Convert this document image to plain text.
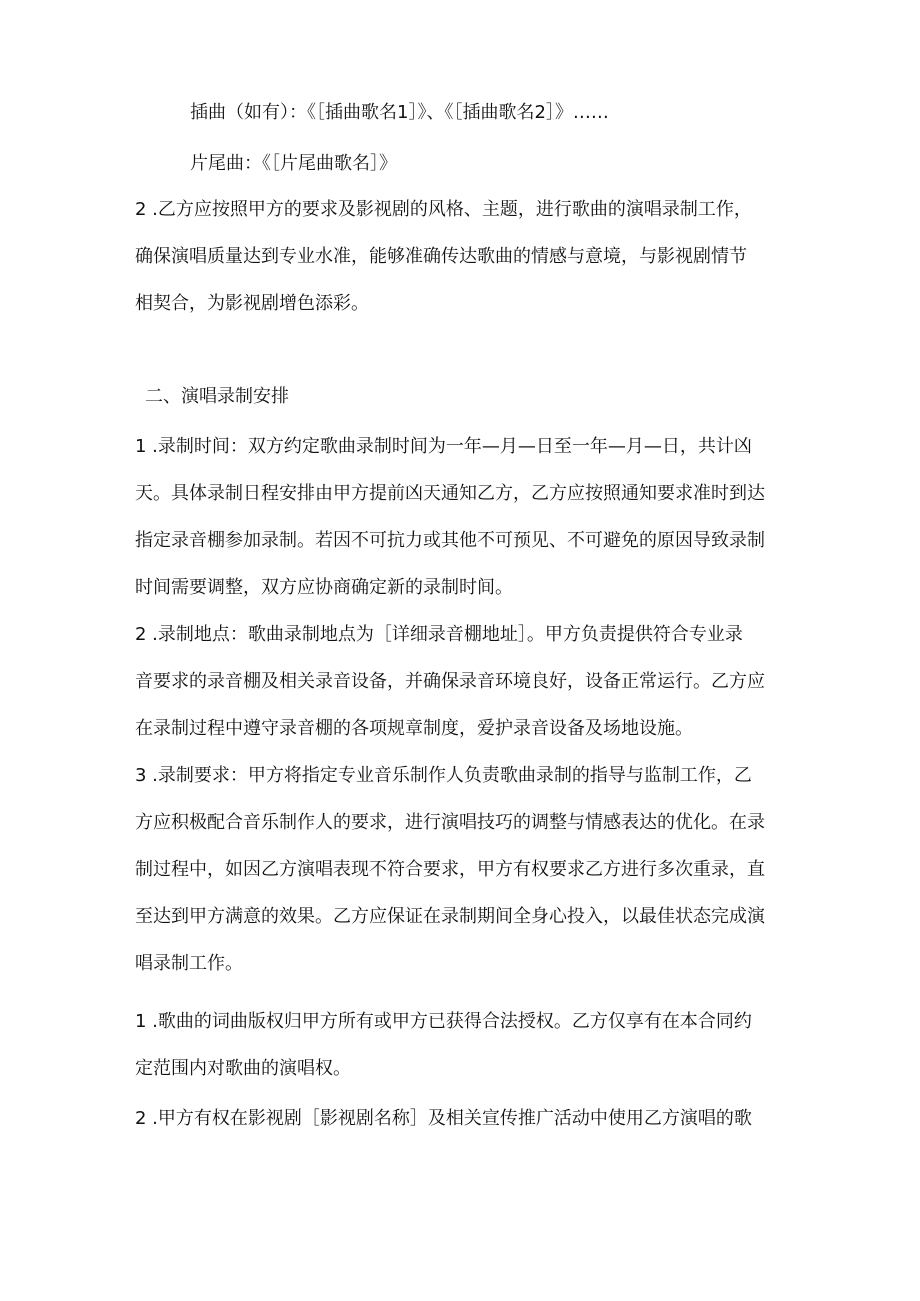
插曲（如有）：《［插曲歌名1］》、《［插曲歌名2］》……
片尾曲：《［片尾曲歌名］》
2 .乙方应按照甲方的要求及影视剧的风格、主题，进行歌曲的演唱录制工作，
确保演唱质量达到专业水准，能够准确传达歌曲的情感与意境，与影视剧情节
相契合，为影视剧增色添彩。
二、演唱录制安排
1 .录制时间：双方约定歌曲录制时间为一年—月—日至一年—月—日，共计凶
天。具体录制日程安排由甲方提前凶天通知乙方，乙方应按照通知要求准时到达
指定录音棚参加录制。若因不可抗力或其他不可预见、不可避免的原因导致录制
时间需要调整，双方应协商确定新的录制时间。
2 .录制地点：歌曲录制地点为［详细录音棚地址］。甲方负责提供符合专业录
音要求的录音棚及相关录音设备，并确保录音环境良好，设备正常运行。乙方应
在录制过程中遵守录音棚的各项规章制度，爱护录音设备及场地设施。
3 .录制要求：甲方将指定专业音乐制作人负责歌曲录制的指导与监制工作，乙
方应积极配合音乐制作人的要求，进行演唱技巧的调整与情感表达的优化。在录
制过程中，如因乙方演唱表现不符合要求，甲方有权要求乙方进行多次重录，直
至达到甲方满意的效果。乙方应保证在录制期间全身心投入，以最佳状态完成演
唱录制工作。
1 .歌曲的词曲版权归甲方所有或甲方已获得合法授权。乙方仅享有在本合同约
定范围内对歌曲的演唱权。
2 .甲方有权在影视剧［影视剧名称］及相关宣传推广活动中使用乙方演唱的歌
